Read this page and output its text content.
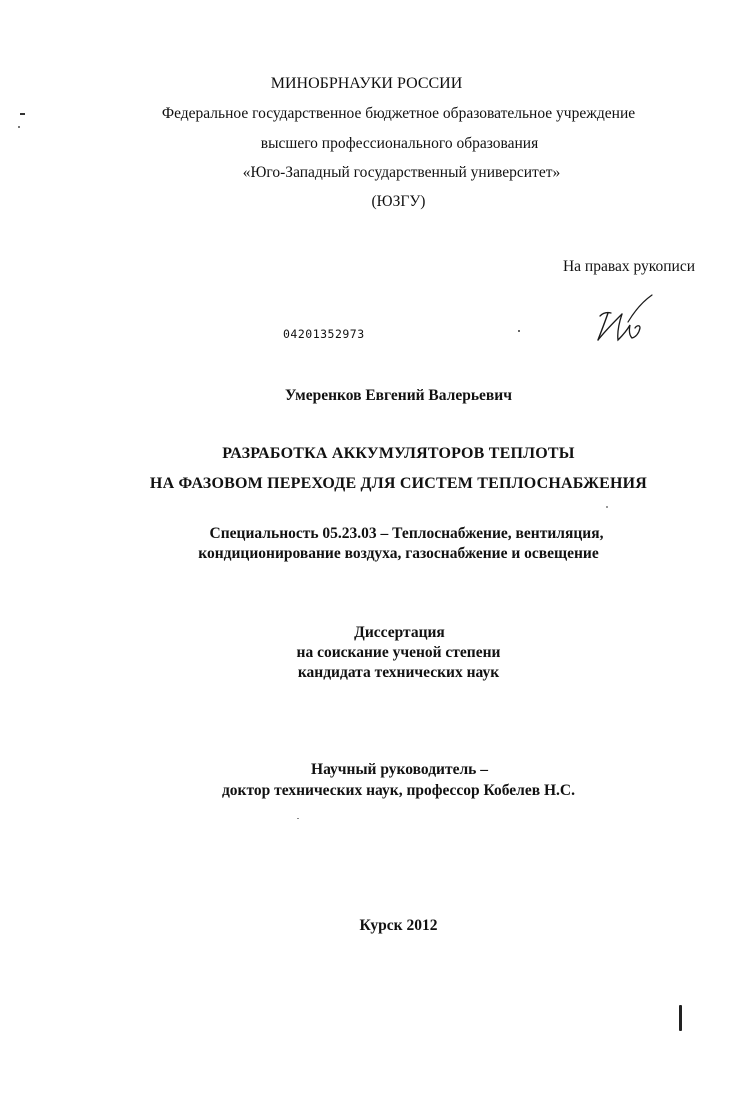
МИНОБРНАУКИ РОССИИ
Федеральное государственное бюджетное образовательное учреждение
высшего профессионального образования
«Юго-Западный государственный университет»
(ЮЗГУ)
На правах рукописи
04201352973
Умеренков Евгений Валерьевич
РАЗРАБОТКА АККУМУЛЯТОРОВ ТЕПЛОТЫ
НА ФАЗОВОМ ПЕРЕХОДЕ ДЛЯ СИСТЕМ ТЕПЛОСНАБЖЕНИЯ
Специальность 05.23.03 – Теплоснабжение, вентиляция,
кондиционирование воздуха, газоснабжение и освещение
Диссертация
на соискание ученой степени
кандидата технических наук
Научный руководитель –
доктор технических наук, профессор Кобелев Н.С.
Курск 2012
